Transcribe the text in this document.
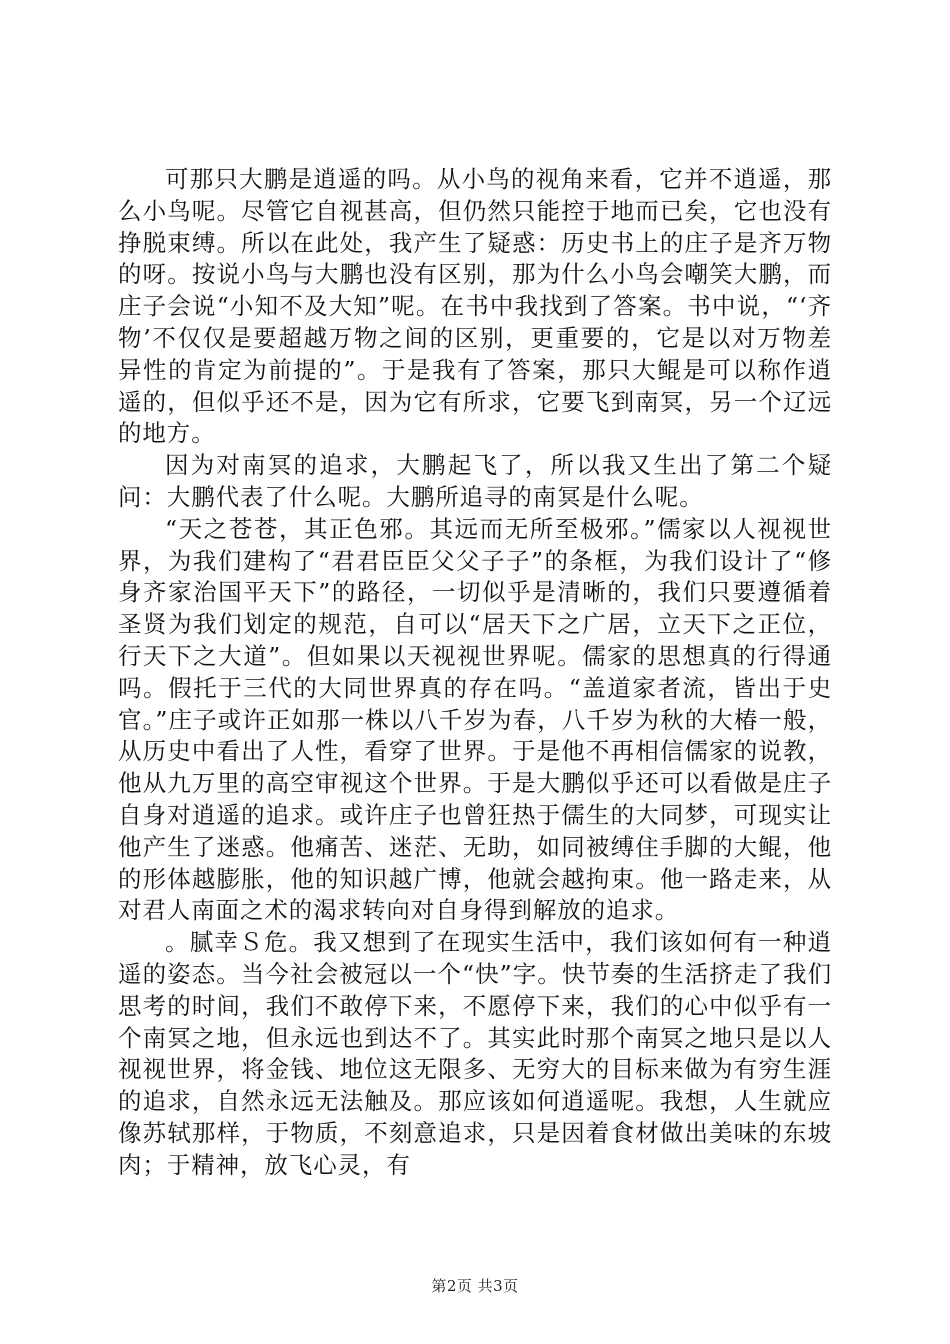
可那只大鹏是逍遥的吗。从小鸟的视角来看，它并不逍遥，那么小鸟呢。尽管它自视甚高，但仍然只能控于地而已矣，它也没有挣脱束缚。所以在此处，我产生了疑惑：历史书上的庄子是齐万物的呀。按说小鸟与大鹏也没有区别，那为什么小鸟会嘲笑大鹏，而庄子会说“小知不及大知”呢。在书中我找到了答案。书中说，“‘齐物’不仅仅是要超越万物之间的区别，更重要的，它是以对万物差异性的肯定为前提的”。于是我有了答案，那只大鲲是可以称作逍遥的，但似乎还不是，因为它有所求，它要飞到南冥，另一个辽远的地方。

因为对南冥的追求，大鹏起飞了，所以我又生出了第二个疑问：大鹏代表了什么呢。大鹏所追寻的南冥是什么呢。

“天之苍苍，其正色邪。其远而无所至极邪。”儒家以人视视世界，为我们建构了“君君臣臣父父子子”的条框，为我们设计了“修身齐家治国平天下”的路径，一切似乎是清晰的，我们只要遵循着圣贤为我们划定的规范，自可以“居天下之广居，立天下之正位，行天下之大道”。但如果以天视视世界呢。儒家的思想真的行得通吗。假托于三代的大同世界真的存在吗。“盖道家者流，皆出于史官。”庄子或许正如那一株以八千岁为春，八千岁为秋的大椿一般，从历史中看出了人性，看穿了世界。于是他不再相信儒家的说教，他从九万里的高空审视这个世界。于是大鹏似乎还可以看做是庄子自身对逍遥的追求。或许庄子也曾狂热于儒生的大同梦，可现实让他产生了迷惑。他痛苦、迷茫、无助，如同被缚住手脚的大鲲，他的形体越膨胀，他的知识越广博，他就会越拘束。他一路走来，从对君人南面之术的渴求转向对自身得到解放的追求。

。腻幸Ｓ危。我又想到了在现实生活中，我们该如何有一种逍遥的姿态。当今社会被冠以一个“快”字。快节奏的生活挤走了我们思考的时间，我们不敢停下来，不愿停下来，我们的心中似乎有一个南冥之地，但永远也到达不了。其实此时那个南冥之地只是以人视视世界，将金钱、地位这无限多、无穷大的目标来做为有穷生涯的追求，自然永远无法触及。那应该如何逍遥呢。我想，人生就应像苏轼那样，于物质，不刻意追求，只是因着食材做出美味的东坡肉；于精神，放飞心灵，有

第2页 共3页
